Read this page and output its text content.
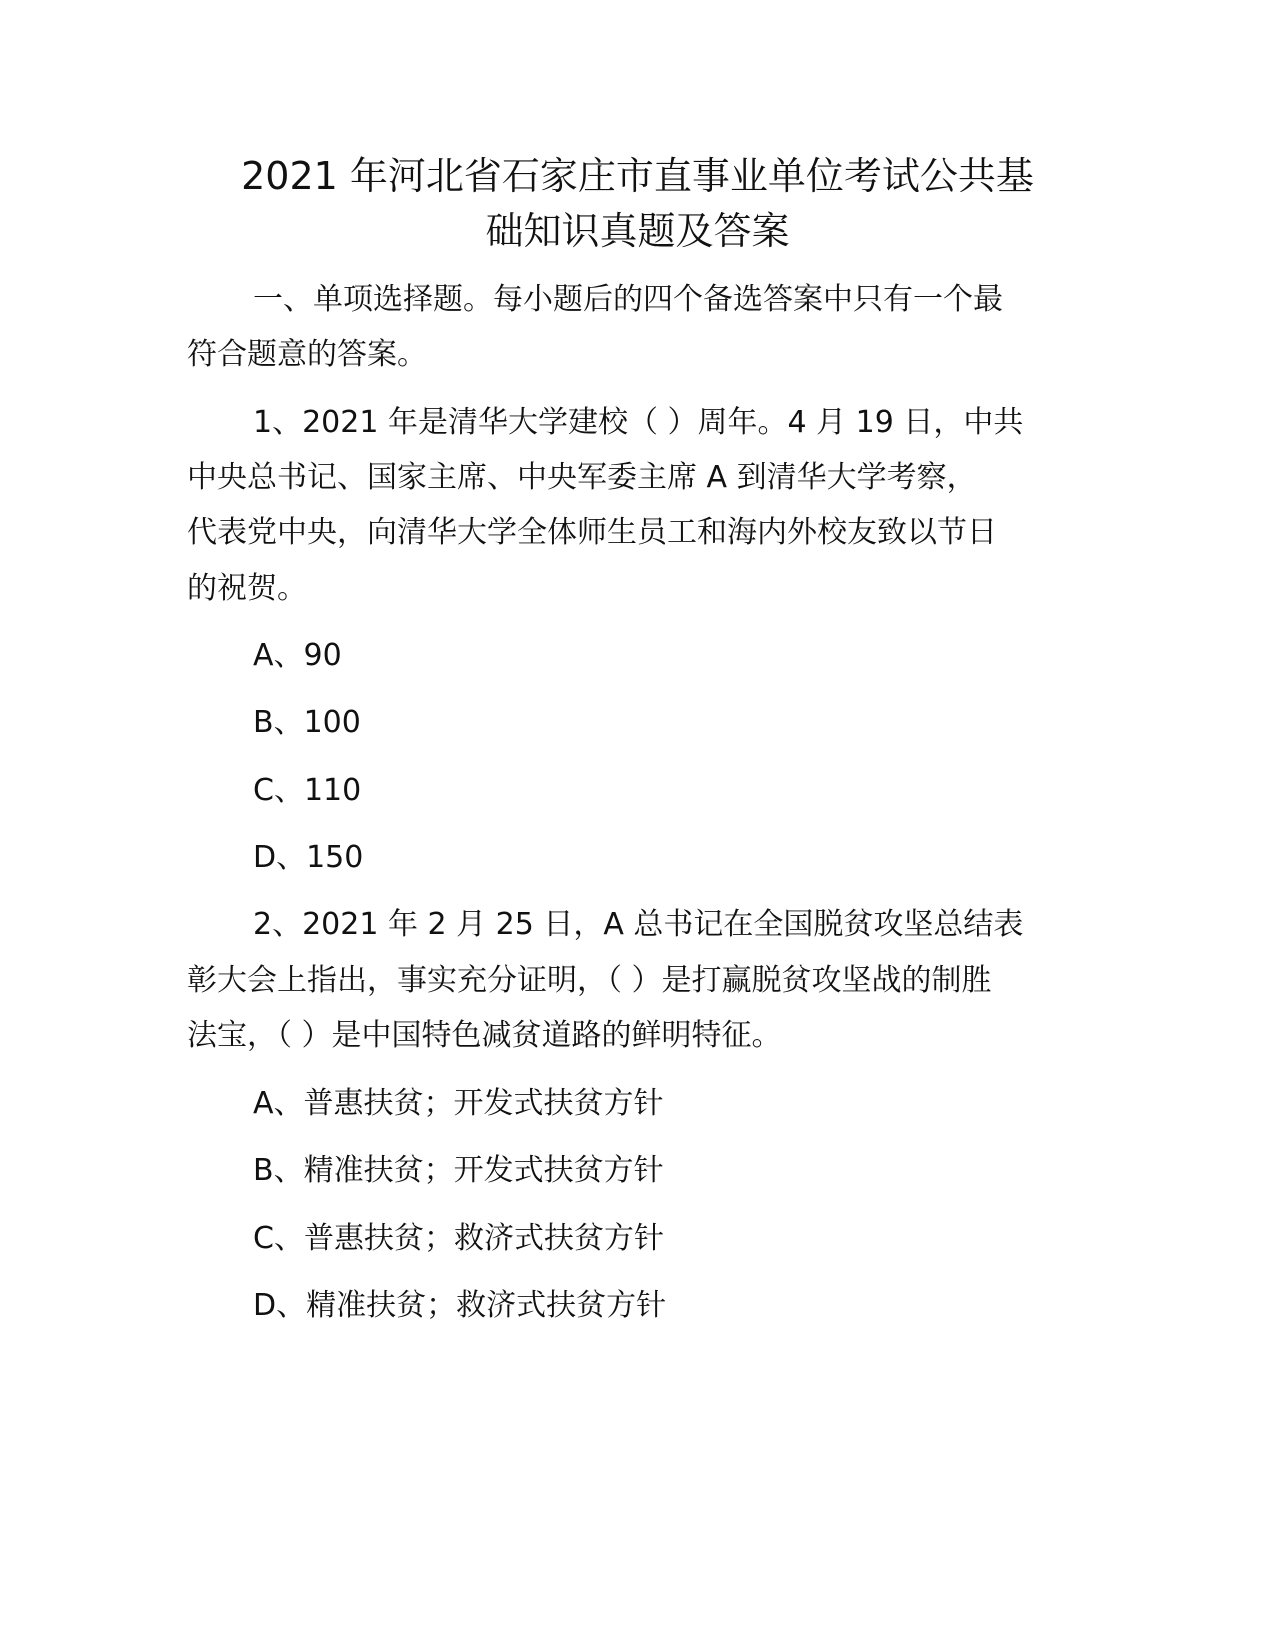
2021 年河北省石家庄市直事业单位考试公共基
础知识真题及答案
一、单项选择题。每小题后的四个备选答案中只有一个最
符合题意的答案。
1、2021 年是清华大学建校（ ）周年。4 月 19 日，中共
中央总书记、国家主席、中央军委主席 A 到清华大学考察，
代表党中央，向清华大学全体师生员工和海内外校友致以节日
的祝贺。
A、90
B、100
C、110
D、150
2、2021 年 2 月 25 日，A 总书记在全国脱贫攻坚总结表
彰大会上指出，事实充分证明，（ ）是打赢脱贫攻坚战的制胜
法宝，（ ）是中国特色减贫道路的鲜明特征。
A、普惠扶贫；开发式扶贫方针
B、精准扶贫；开发式扶贫方针
C、普惠扶贫；救济式扶贫方针
D、精准扶贫；救济式扶贫方针
